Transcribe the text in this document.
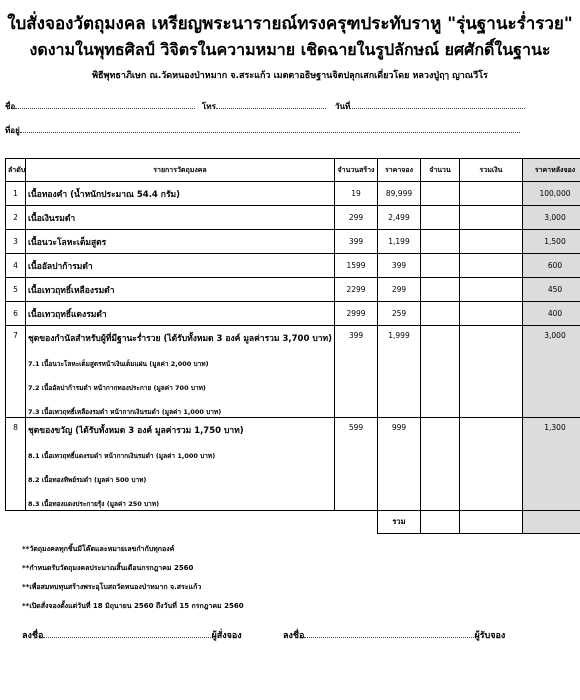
ใบสั่งจองวัตถุมงคล เหรียญพระนารายณ์ทรงครุฑประทับราหู "รุ่นฐานะร่ำรวย"
งดงามในพุทธศิลป์ วิจิตรในความหมาย เชิดฉายในรูปลักษณ์ ยศศักดิ์ในฐานะ
พิธีพุทธาภิเษก ณ.วัดหนองป่าหมาก จ.สระแก้ว เมตตาอธิษฐานจิตปลุกเสกเดี่ยวโดย หลวงปู่ฤๅ ญาณวีโร
ชื่อ	โทร	วันที่
ที่อยู่
ลำดับ	รายการวัตถุมงคล	จำนวนสร้าง	ราคาจอง	จำนวน	รวมเงิน	ราคาหลังจอง
1	เนื้อทองคำ (น้ำหนักประมาณ 54.4 กรัม)	19	89,999			100,000
2	เนื้อเงินรมดำ	299	2,499			3,000
3	เนื้อนวะโลหะเต็มสูตร	399	1,199			1,500
4	เนื้ออัลปาก้ารมดำ	1599	399			600
5	เนื้อเทวฤทธิ์เหลืองรมดำ	2299	299			450
6	เนื้อเทวฤทธิ์แดงรมดำ	2999	259			400
7	ชุดของกำนัลสำหรับผู้ที่มีฐานะร่ำรวย (ได้รับทั้งหมด 3 องค์ มูลค่ารวม 3,700 บาท)
7.1 เนื้อนวะโลหะเต็มสูตรหน้าเงินเต็มแผ่น (มูลค่า 2,000 บาท)
7.2 เนื้ออัลปาก้ารมดำ หน้ากากทองประกาย (มูลค่า 700 บาท)
7.3 เนื้อเทวฤทธิ์เหลืองรมดำ หน้ากากเงินรมดำ (มูลค่า 1,000 บาท)	399	1,999			3,000
8	ชุดของขวัญ (ได้รับทั้งหมด 3 องค์ มูลค่ารวม 1,750 บาท)
8.1 เนื้อเทวฤทธิ์แดงรมดำ หน้ากากเงินรมดำ (มูลค่า 1,000 บาท)
8.2 เนื้อทองทิพย์รมดำ (มูลค่า 500 บาท)
8.3 เนื้อทองแดงประกายรุ้ง (มูลค่า 250 บาท)	599	999			1,300
			รวม			
**วัตถุมงคลทุกชิ้นมีโค๊ตและหมายเลขกำกับทุกองค์
**กำหนดรับวัตถุมงคลประมาณสิ้นเดือนกรกฎาคม 2560
**เพื่อสมทบทุนสร้างพระอุโบสถวัดหนองป่าหมาก จ.สระแก้ว
**เปิดสั่งจองตั้งแต่วันที่ 18 มิถุนายน 2560 ถึงวันที่ 15 กรกฎาคม 2560
ลงชื่อ	ผู้สั่งจอง	ลงชื่อ	ผู้รับจอง
